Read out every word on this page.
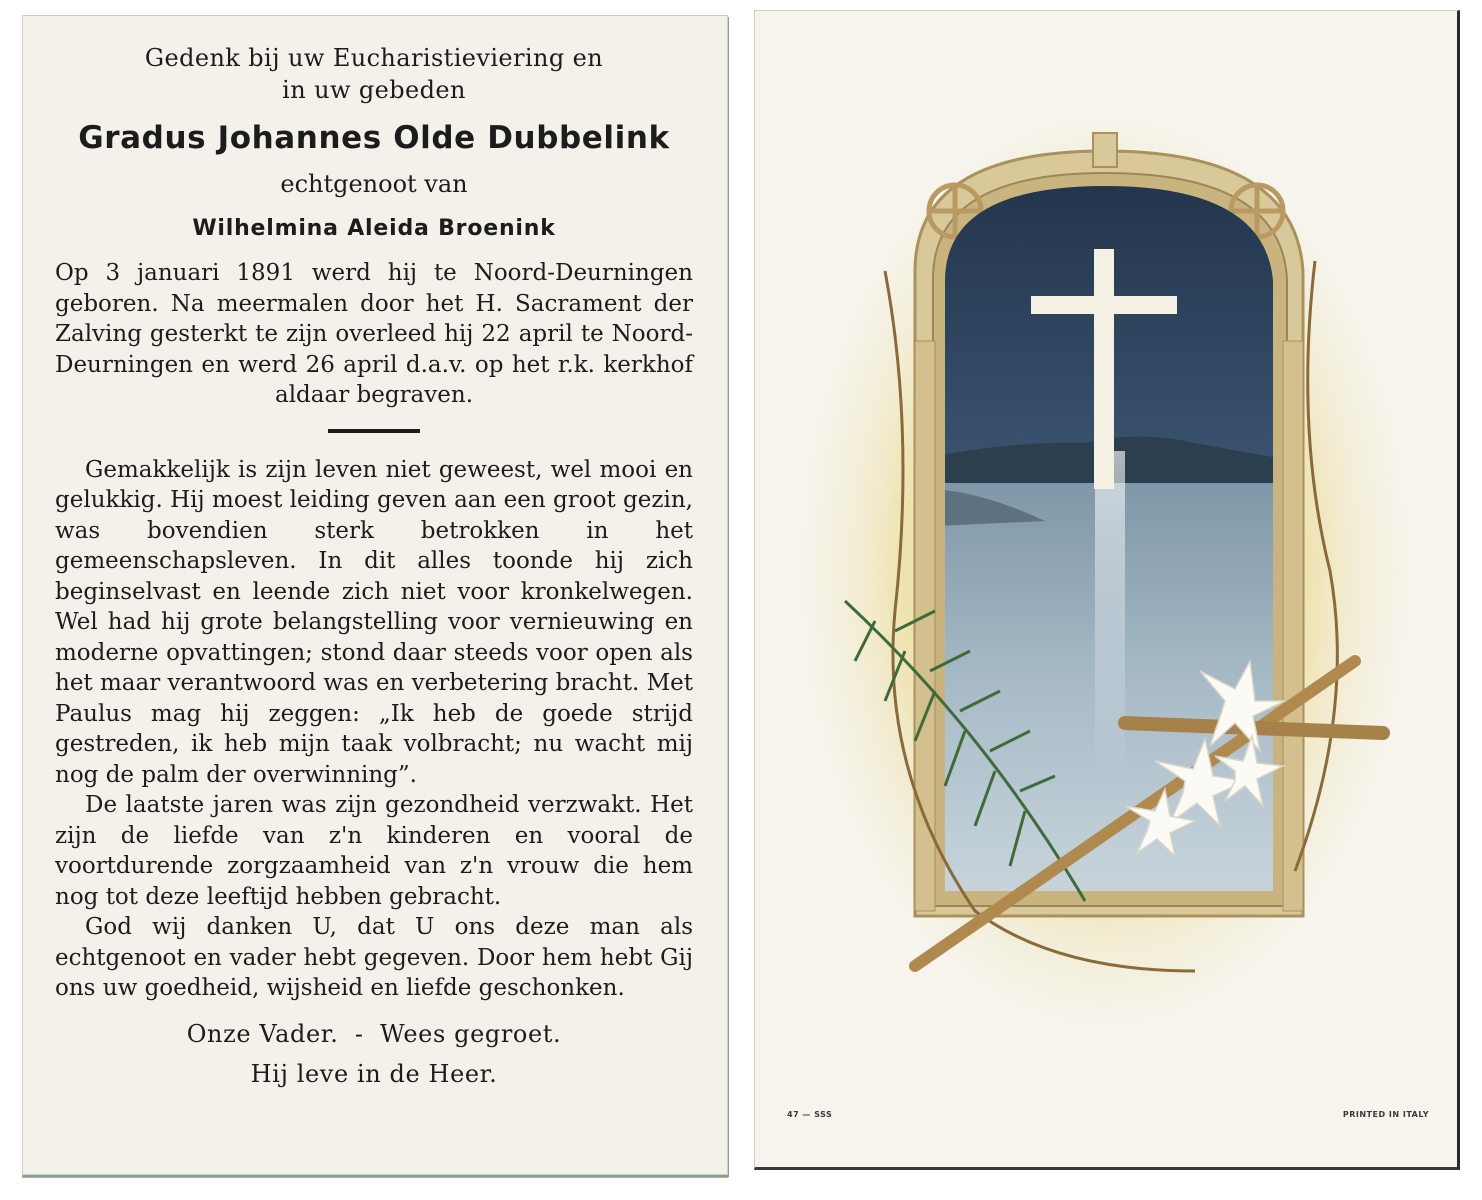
Gedenk bij uw Eucharistieviering en
in uw gebeden
Gradus Johannes Olde Dubbelink
echtgenoot van
Wilhelmina Aleida Broenink

Op 3 januari 1891 werd hij te Noord-Deurningen geboren. Na meermalen door het H. Sacrament der Zalving gesterkt te zijn overleed hij 22 april te Noord-Deurningen en werd 26 april d.a.v. op het r.k. kerkhof aldaar begraven.

Gemakkelijk is zijn leven niet geweest, wel mooi en gelukkig. Hij moest leiding geven aan een groot gezin, was bovendien sterk betrokken in het gemeenschapsleven. In dit alles toonde hij zich beginselvast en leende zich niet voor kronkelwegen. Wel had hij grote belangstelling voor vernieuwing en moderne opvattingen; stond daar steeds voor open als het maar verantwoord was en verbetering bracht. Met Paulus mag hij zeggen: „Ik heb de goede strijd gestreden, ik heb mijn taak volbracht; nu wacht mij nog de palm der overwinning”.

De laatste jaren was zijn gezondheid verzwakt. Het zijn de liefde van z'n kinderen en vooral de voortdurende zorgzaamheid van z'n vrouw die hem nog tot deze leeftijd hebben gebracht.

God wij danken U, dat U ons deze man als echtgenoot en vader hebt gegeven. Door hem hebt Gij ons uw goedheid, wijsheid en liefde geschonken.

Onze Vader.  -  Wees gegroet.
Hij leve in de Heer.
47 — SSS	PRINTED IN ITALY
